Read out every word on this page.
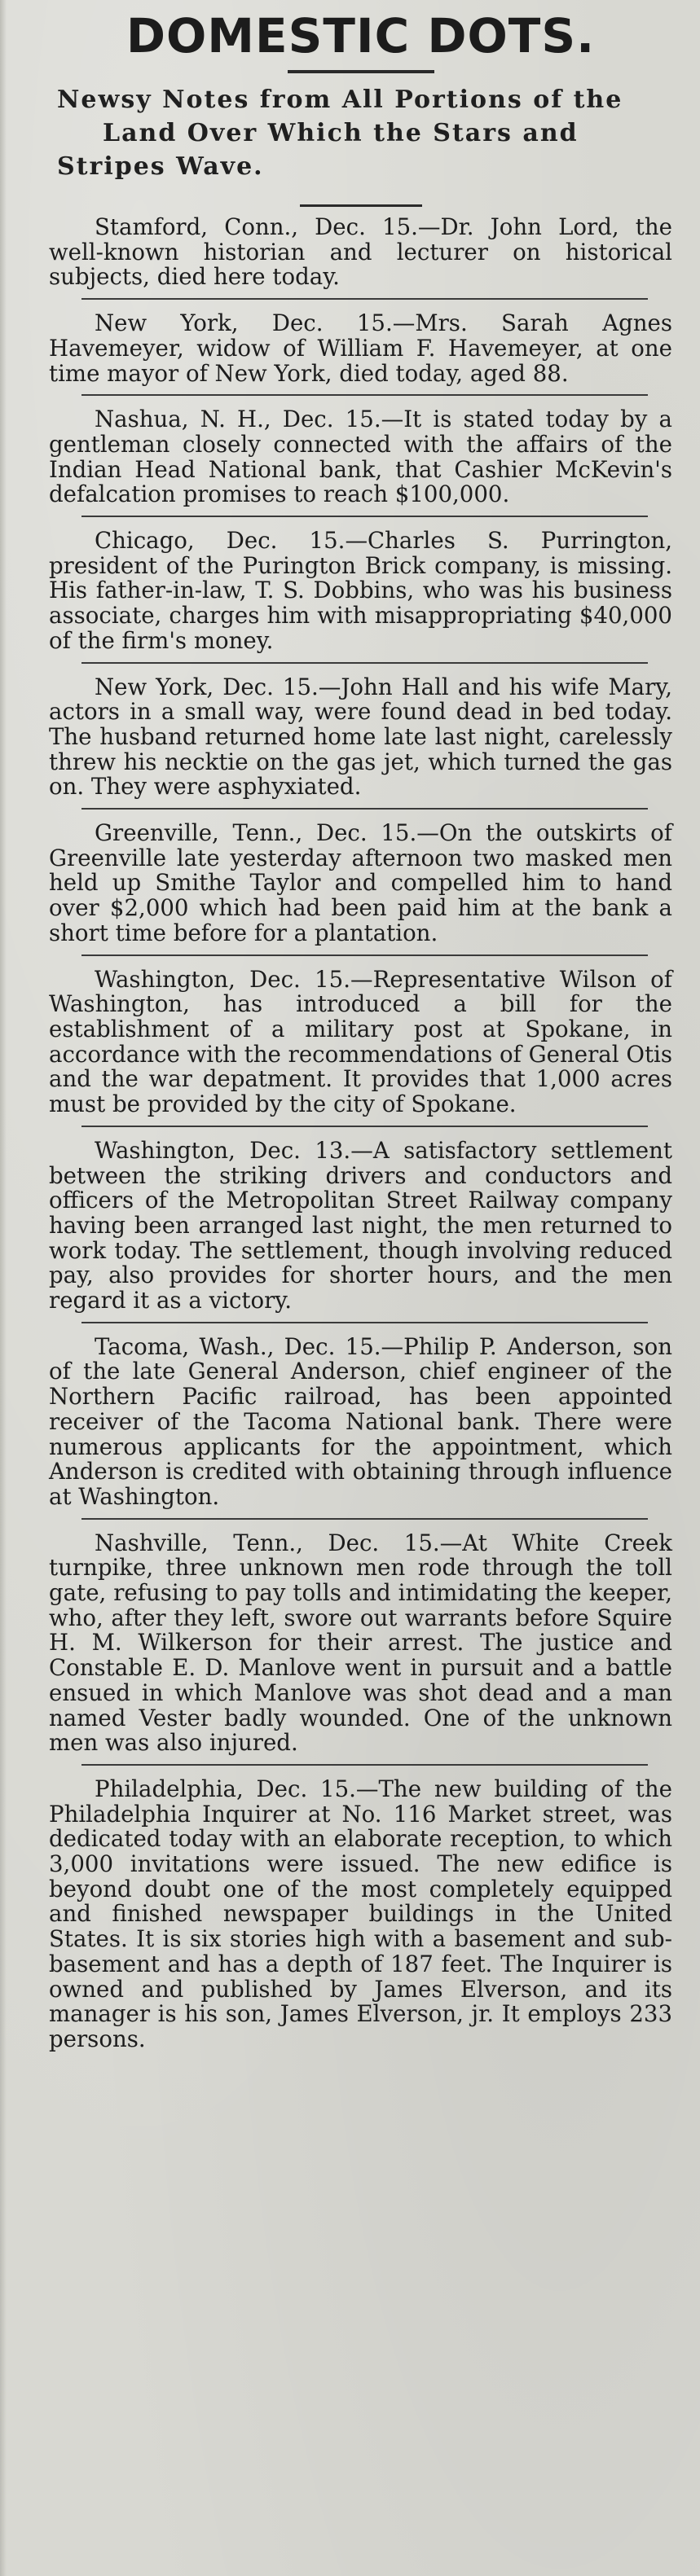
DOMESTIC DOTS.
Newsy Notes from All Portions of the
Land Over Which the Stars and
Stripes Wave.

Stamford, Conn., Dec. 15.—Dr. John Lord, the well-known historian and lecturer on historical subjects, died here today.

New York, Dec. 15.—Mrs. Sarah Agnes Havemeyer, widow of William F. Havemeyer, at one time mayor of New York, died today, aged 88.

Nashua, N. H., Dec. 15.—It is stated today by a gentleman closely connected with the affairs of the Indian Head National bank, that Cashier McKevin's defalcation promises to reach $100,000.

Chicago, Dec. 15.—Charles S. Purrington, president of the Purington Brick company, is missing. His father-in-law, T. S. Dobbins, who was his business associate, charges him with misappropriating $40,000 of the firm's money.

New York, Dec. 15.—John Hall and his wife Mary, actors in a small way, were found dead in bed today. The husband returned home late last night, carelessly threw his necktie on the gas jet, which turned the gas on. They were asphyxiated.

Greenville, Tenn., Dec. 15.—On the outskirts of Greenville late yesterday afternoon two masked men held up Smithe Taylor and compelled him to hand over $2,000 which had been paid him at the bank a short time before for a plantation.

Washington, Dec. 15.—Representative Wilson of Washington, has introduced a bill for the establishment of a military post at Spokane, in accordance with the recommendations of General Otis and the war depatment. It provides that 1,000 acres must be provided by the city of Spokane.

Washington, Dec. 13.—A satisfactory settlement between the striking drivers and conductors and officers of the Metropolitan Street Railway company having been arranged last night, the men returned to work today. The settlement, though involving reduced pay, also provides for shorter hours, and the men regard it as a victory.

Tacoma, Wash., Dec. 15.—Philip P. Anderson, son of the late General Anderson, chief engineer of the Northern Pacific railroad, has been appointed receiver of the Tacoma National bank. There were numerous applicants for the appointment, which Anderson is credited with obtaining through influence at Washington.

Nashville, Tenn., Dec. 15.—At White Creek turnpike, three unknown men rode through the toll gate, refusing to pay tolls and intimidating the keeper, who, after they left, swore out warrants before Squire H. M. Wilkerson for their arrest. The justice and Constable E. D. Manlove went in pursuit and a battle ensued in which Manlove was shot dead and a man named Vester badly wounded. One of the unknown men was also injured.

Philadelphia, Dec. 15.—The new building of the Philadelphia Inquirer at No. 116 Market street, was dedicated today with an elaborate reception, to which 3,000 invitations were issued. The new edifice is beyond doubt one of the most completely equipped and finished newspaper buildings in the United States. It is six stories high with a basement and sub-basement and has a depth of 187 feet. The Inquirer is owned and published by James Elverson, and its manager is his son, James Elverson, jr. It employs 233 persons.
